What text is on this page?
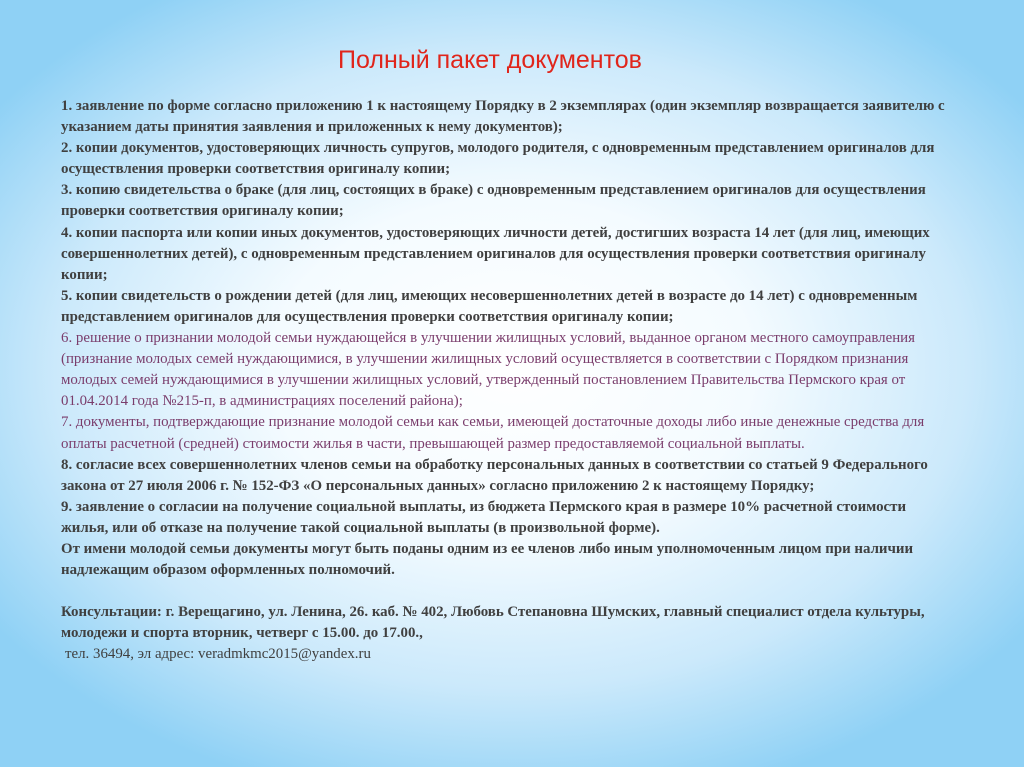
Полный пакет документов

1. заявление по форме согласно приложению 1 к настоящему Порядку в 2 экземплярах (один экземпляр возвращается заявителю с указанием даты принятия заявления и приложенных к нему документов);

2. копии документов, удостоверяющих личность супругов, молодого родителя, с одновременным представлением оригиналов для осуществления проверки соответствия оригиналу копии;

3. копию свидетельства о браке (для лиц, состоящих в браке) с одновременным представлением оригиналов для осуществления проверки соответствия оригиналу копии;

4. копии паспорта или копии иных документов, удостоверяющих личности детей, достигших возраста 14 лет (для лиц, имеющих совершеннолетних детей), с одновременным представлением оригиналов для осуществления проверки соответствия оригиналу копии;

5. копии свидетельств о рождении детей (для лиц, имеющих несовершеннолетних детей в возрасте до 14 лет) с одновременным представлением оригиналов для осуществления проверки соответствия оригиналу копии;

6. решение о признании молодой семьи нуждающейся в улучшении жилищных условий, выданное органом местного самоуправления (признание молодых семей нуждающимися, в улучшении жилищных условий осуществляется в соответствии с Порядком признания молодых семей нуждающимися в улучшении жилищных условий, утвержденный постановлением Правительства Пермского края от 01.04.2014 года №215-п, в администрациях поселений района);

7. документы, подтверждающие признание молодой семьи как семьи, имеющей достаточные доходы либо иные денежные средства для оплаты расчетной (средней) стоимости жилья в части, превышающей размер предоставляемой социальной выплаты.

8. согласие всех совершеннолетних членов семьи на обработку персональных данных в соответствии со статьей 9 Федерального закона от 27 июля 2006 г. № 152-ФЗ «О персональных данных» согласно приложению 2 к настоящему Порядку;

9. заявление о согласии на получение социальной выплаты, из бюджета Пермского края в размере 10% расчетной стоимости жилья, или об отказе на получение такой социальной выплаты (в произвольной форме).

От имени молодой семьи документы могут быть поданы одним из ее членов либо иным уполномоченным лицом при наличии надлежащим образом оформленных полномочий.

Консультации: г. Верещагино, ул. Ленина, 26. каб. № 402, Любовь Степановна Шумских, главный специалист отдела культуры, молодежи и спорта вторник, четверг с 15.00. до 17.00.,

тел. 36494, эл адрес: veradmkmc2015@yandex.ru
